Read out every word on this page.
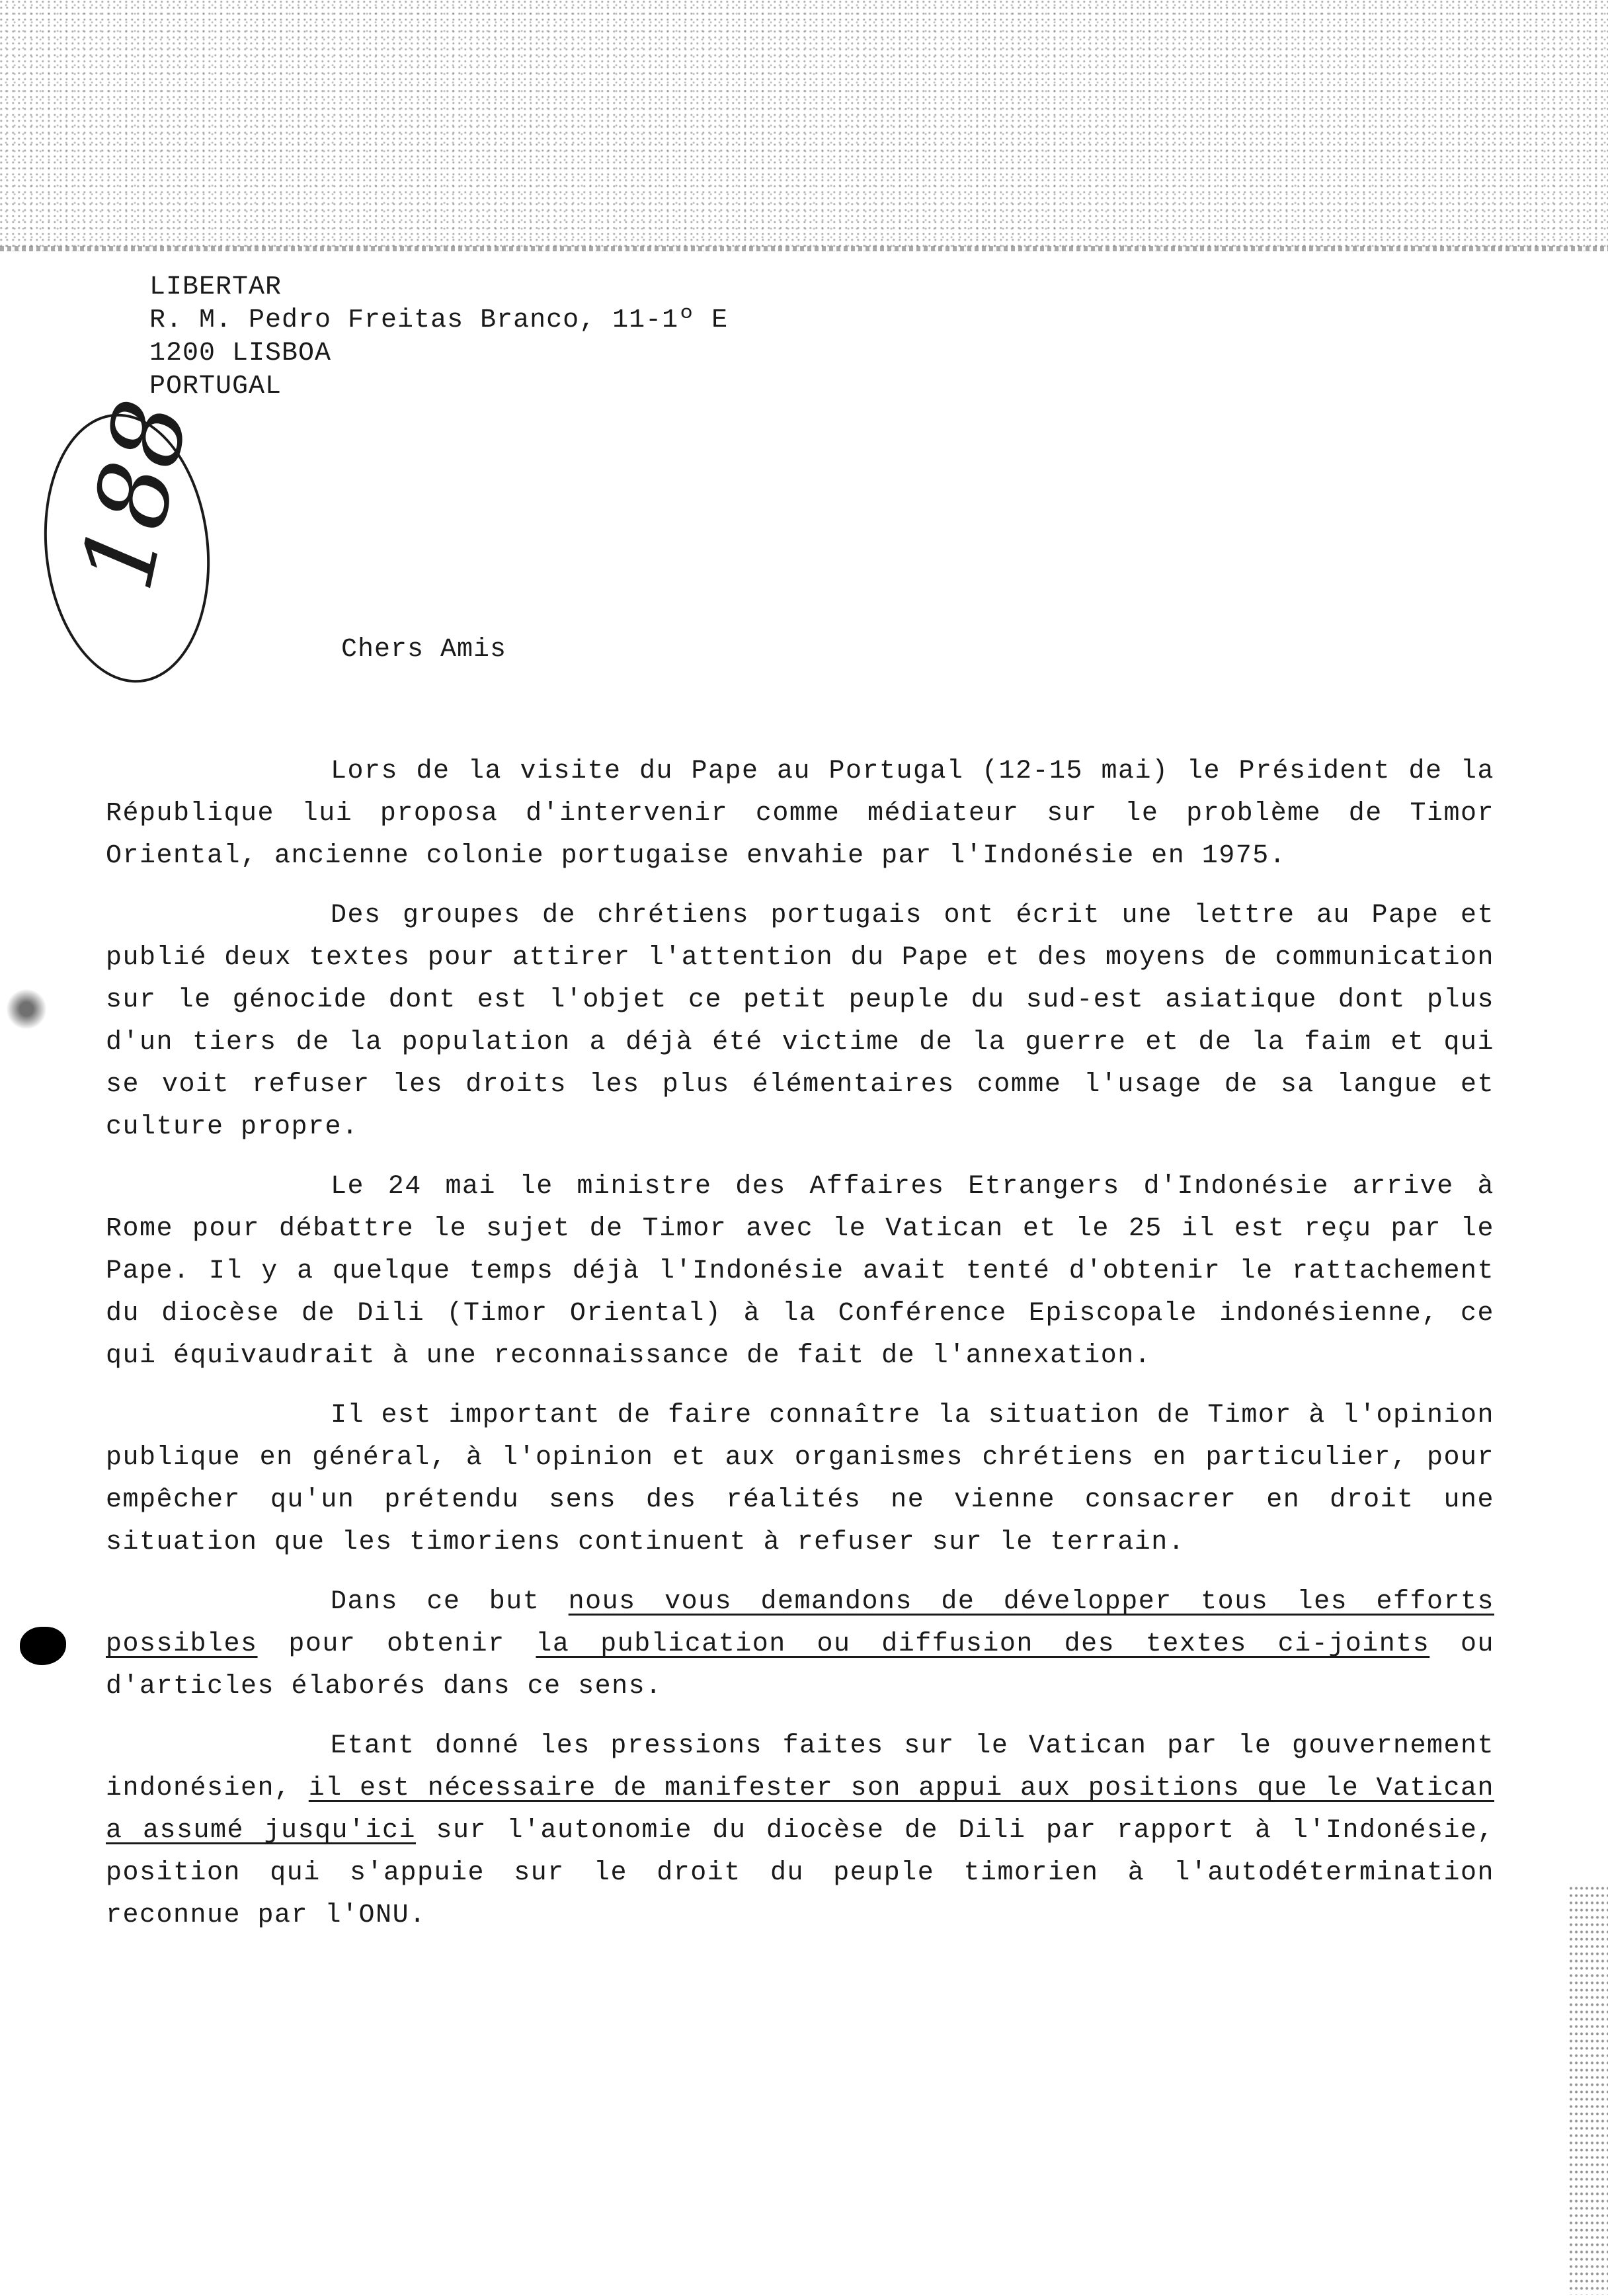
LIBERTAR
R. M. Pedro Freitas Branco, 11-1º E
1200 LISBOA
PORTUGAL
188
Chers Amis

Lors de la visite du Pape au Portugal (12-15 mai) le Président de la République lui proposa d'intervenir comme médiateur sur le problème de Timor Oriental, ancienne colonie portugaise envahie par l'Indonésie en 1975.

Des groupes de chrétiens portugais ont écrit une lettre au Pape et publié deux textes pour attirer l'attention du Pape et des moyens de communication sur le génocide dont est l'objet ce petit peuple du sud-est asiatique dont plus d'un tiers de la population a déjà été victime de la guerre et de la faim et qui se voit refuser les droits les plus élémentaires comme l'usage de sa langue et culture propre.

Le 24 mai le ministre des Affaires Etrangers d'Indonésie arrive à Rome pour débattre le sujet de Timor avec le Vatican et le 25 il est reçu par le Pape. Il y a quelque temps déjà l'Indonésie avait tenté d'obtenir le rattachement du diocèse de Dili (Timor Oriental) à la Conférence Episcopale indonésienne, ce qui équivaudrait à une reconnaissance de fait de l'annexation.

Il est important de faire connaître la situation de Timor à l'opinion publique en général, à l'opinion et aux organismes chrétiens en particulier, pour empêcher qu'un prétendu sens des réalités ne vienne consacrer en droit une situation que les timoriens continuent à refuser sur le terrain.

Dans ce but nous vous demandons de développer tous les efforts possibles pour obtenir la publication ou diffusion des textes ci-joints ou d'articles élaborés dans ce sens.

Etant donné les pressions faites sur le Vatican par le gouvernement indonésien, il est nécessaire de manifester son appui aux positions que le Vatican a assumé jusqu'ici sur l'autonomie du diocèse de Dili par rapport à l'Indonésie, position qui s'appuie sur le droit du peuple timorien à l'autodétermination reconnue par l'ONU.
